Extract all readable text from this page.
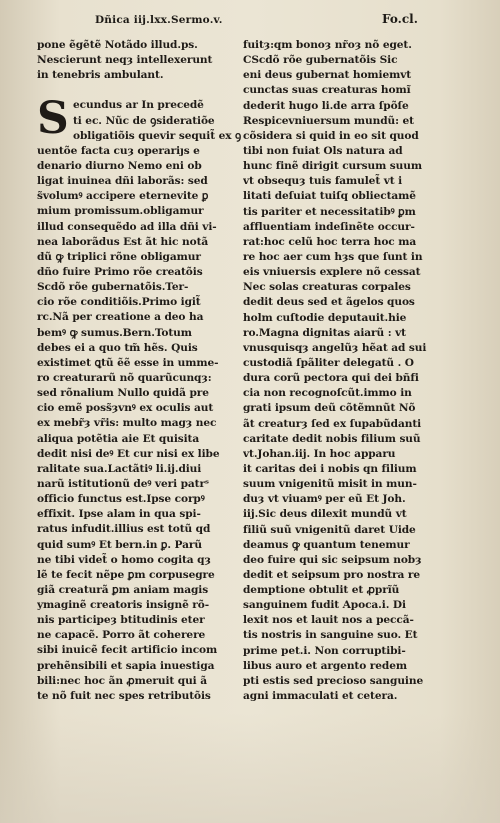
Dñica iij.lxx.Sermo.v.	Fo.cl.
pone ẽgẽtẽ Notãdo illud.ps.
Nescierunt neqȝ intellexerunt
in tenebris ambulant.
ecundus ar In precedẽ
ti ec. Nũc de ꝯsideratiõe
obligatiõis quevir sequit̃ ex ꝯ
uentõe facta cuȝ operariȷs e
denario diurno Nemo eni ob
ligat inuinea dñi laborãs: sed
s̃volumꝰ accipere eternevite ꝑ
mium promissum.obligamur
illud consequẽdo ad illa dñi vi-
nea laborãdus Est ãt hic notã
dũ ꝙ triplici rõne obligamur
dño fuire Primo rõe creatõis
Scdõ rõe gubernatõis.Ter-
cio rõe conditiõis.Primo igit̃
rc.Nã per creatione a deo ha
bemꝰ ꝙ sumus.Bern.Totum
debes ei a quo tm̃ hẽs. Quis
existimet ꝗtũ ẽẽ esse in umme-
ro creaturarũ nõ quarũcunqȝ:
sed rõnalium Nullo quidã pre
cio emẽ poss̃ȝvnꝰ ex oculis aut
ex mebr̃ȝ vr̃is: multo magȝ nec
aliqua potẽtia aie Et quisita
dedit nisi deꝰ Et cur nisi ex libe
ralitate sua.Lactãtiꝰ li.ij.diui
narũ istitutionũ deꝰ veri patrˢ
officio functus est.Ipse corpꝰ
effixit. Ipse alam in qua spi-
ratus infudit.illius est totũ qd
quid sumꝰ Et bern.in ꝑ. Parũ
ne tibi videt̃ o homo cogita qȝ
lẽ te fecit nẽpe ꝑm corpusegre
giã creaturã ꝑm aniam magis
ymaginẽ creatoris insignẽ rõ-
nis participeȝ btitudinis eter
ne capacẽ. Porro ãt coherere
sibi inuicẽ fecit artificio incom
prehẽnsibili et sapia inuestiga
bili:nec hoc ãn ꝓmeruit qui ã
te nõ fuit nec spes retributõis
S
fuitȝ:qm bonoȝ nr̃oȝ nõ eget.
CScdõ rõe gubernatõis Sic
eni deus gubernat homiemvt
cunctas suas creaturas homĩ
dederit hugo li.de arra ſpõſe
Respicevniuersum mundũ: et
cõsidera si quid in eo sit quod
tibi non fuiat Ols natura ad
hunc finẽ dirigit cursum suum
vt obsequȝ tuis famulet̃ vt i
litati deſuiat tuiſq obliectamẽ
tis pariter et necessitatibꝰ ꝑm
affluentiam indeſinẽte occur-
rat:hoc celũ hoc terra hoc ma
re hoc aer cum hȝs que ſunt in
eis vniuersis explere nõ cessat
Nec solas creaturas corpales
dedit deus sed et ãgelos quos
holm cuſtodie deputauit.hie
ro.Magna dignitas aiarũ : vt
vnusquisqȝ angelũȝ hẽat ad sui
custodiã ſpãliter delegatũ . O
dura corũ pectora qui dei bñfi
cia non recognoſcũt.immo in
grati ipsum deũ cõtẽmnũt Nõ
ãt creaturȝ ſed ex ſupabũdanti
caritate dedit nobis filium suũ
vt.Johan.iij. In hoc apparu
it caritas dei i nobis qn filium
suum vnigenitũ misit in mun-
duȝ vt viuamꝰ per eũ Et Joh.
iij.Sic deus dilexit mundũ vt
filiũ suũ vnigenitũ daret Uide
deamus ꝙ quantum tenemur
deo fuire qui sic seipsum nobȝ
dedit et seipsum pro nostra re
demptione obtulit et ꝓprĩũ
sanguinem fudit Apoca.i. Di
lexit nos et lauit nos a peccã-
tis nostris in sanguine suo. Et
prime pet.i. Non corruptibi-
libus auro et argento redem
pti estis sed precioso sanguine
agni immaculati et cetera.
